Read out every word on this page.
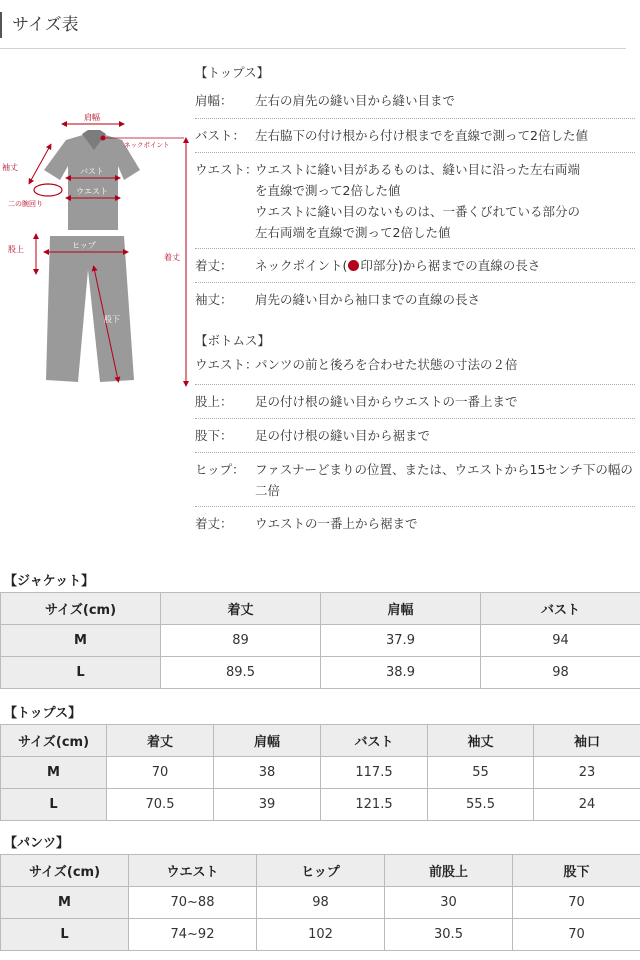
サイズ表
肩幅
ネックポイント
バスト
ウエスト
袖丈
二の腕回り
ヒップ
股上
着丈
股下
【トップス】
肩幅： 左右の肩先の縫い目から縫い目まで

バスト： 左右脇下の付け根から付け根までを直線で測って2倍した値

ウエスト：

ウエストに縫い目があるものは、縫い目に沿った左右両端

を直線で測って2倍した値

ウエストに縫い目のないものは、一番くびれている部分の

左右両端を直線で測って2倍した値

着丈： ネックポイント( 印部分)から裾までの直線の長さ

袖丈： 肩先の縫い目から袖口までの直線の長さ

【ボトムス】
ウエスト：

パンツの前と後ろを合わせた状態の寸法の２倍

股上： 足の付け根の縫い目からウエストの一番上まで

股下： 足の付け根の縫い目から裾まで

ヒップ： ファスナーどまりの位置、または、ウエストから15センチ下の幅の

二倍

着丈： ウエストの一番上から裾まで

【ジャケット】
サイズ(cm)	着丈	肩幅	バスト
M	89	37.9	94
L	89.5	38.9	98
【トップス】
サイズ(cm)	着丈	肩幅	バスト	袖丈	袖口
M	70	38	117.5	55	23
L	70.5	39	121.5	55.5	24
【パンツ】
サイズ(cm)	ウエスト	ヒップ	前股上	股下
M	70~88	98	30	70
L	74~92	102	30.5	70
